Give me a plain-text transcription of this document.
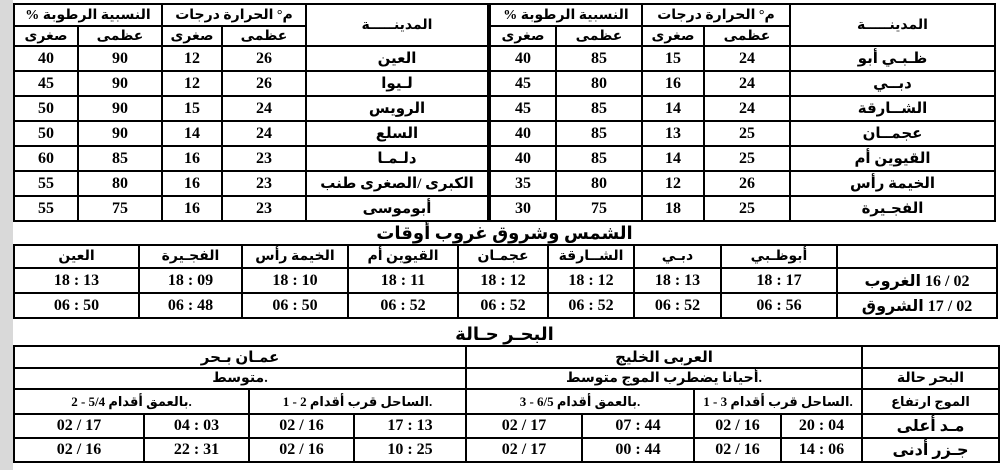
%‎ ‎الرطوبة‎ ‎النسبية		درجات‎ ‎الحرارة‎ ‎°م		المدينـــــة
صغرى	عظمى	صغرى	عظمى	
40	90	12	26	العين
45	90	12	26	لـيوا
50	90	15	24	الرويس
50	90	14	24	السلع
60	85	16	23	دلـمـا
55	80	16	23	طنب‎ ‎الصغرى/‎ ‎الكبرى
55	75	16	23	أبوموسى
%‎ ‎الرطوبة‎ ‎النسبية		درجات‎ ‎الحرارة‎ ‎°م		المدينـــــة
صغرى	عظمى	صغرى	عظمى	
40	85	15	24	أبو‎ ‎ظـبـي
45	80	16	24	دبــي
45	85	14	24	الشــارقة
40	85	13	25	عجمــان
40	85	14	25	أم‎ ‎القيوين
35	80	12	26	رأس‎ ‎الخيمة
30	75	18	25	الفجـيرة
أوقات‎ ‎غروب‎ ‎وشروق‎ ‎الشمس
العين	الفجـيرة	رأس‎ ‎الخيمة	أم‎ ‎القيوين	عجمـان	الشــارقة	دبـي	أبوظـبي	
18‎ ‎:‎ ‎13	18‎ ‎:‎ ‎09	18‎ ‎:‎ ‎10	18‎ ‎:‎ ‎11	18‎ ‎:‎ ‎12	18‎ ‎:‎ ‎12	18‎ ‎:‎ ‎13	18‎ ‎:‎ ‎17	الغروب‎ ‎16‎ ‎/‎ ‎02
06‎ ‎:‎ ‎50	06‎ ‎:‎ ‎48	06‎ ‎:‎ ‎50	06‎ ‎:‎ ‎52	06‎ ‎:‎ ‎52	06‎ ‎:‎ ‎52	06‎ ‎:‎ ‎52	06‎ ‎:‎ ‎56	الشروق‎ ‎17‎ ‎/‎ ‎02
حـالة‎ ‎البحـر
بـحر‎ ‎عمـان				الخليج‎ ‎العربى				
متوسط.				متوسط‎ ‎الموج‎ ‎يضطرب‎ ‎أحيانا.				حالة‎ ‎البحر
2‎ ‎-‎ ‎5/4‎ ‎أقدام‎ ‎بالعمق.		1‎ ‎-‎ ‎2‎ ‎أقدام‎ ‎قرب‎ ‎الساحل.		3‎ ‎-‎ ‎6/5‎ ‎أقدام‎ ‎بالعمق.		1‎ ‎-‎ ‎3‎ ‎أقدام‎ ‎قرب‎ ‎الساحل.		ارتفاع‎ ‎الموج
02‎ ‎/‎ ‎17	04‎ ‎:‎ ‎03	02‎ ‎/‎ ‎16	17‎ ‎:‎ ‎13	02‎ ‎/‎ ‎17	07‎ ‎:‎ ‎44	02‎ ‎/‎ ‎16	20‎ ‎:‎ ‎04	أعلى‎ ‎مـد
02‎ ‎/‎ ‎16	22‎ ‎:‎ ‎31	02‎ ‎/‎ ‎16	10‎ ‎:‎ ‎25	02‎ ‎/‎ ‎17	00‎ ‎:‎ ‎44	02‎ ‎/‎ ‎16	14‎ ‎:‎ ‎06	أدنى‎ ‎جـزر
